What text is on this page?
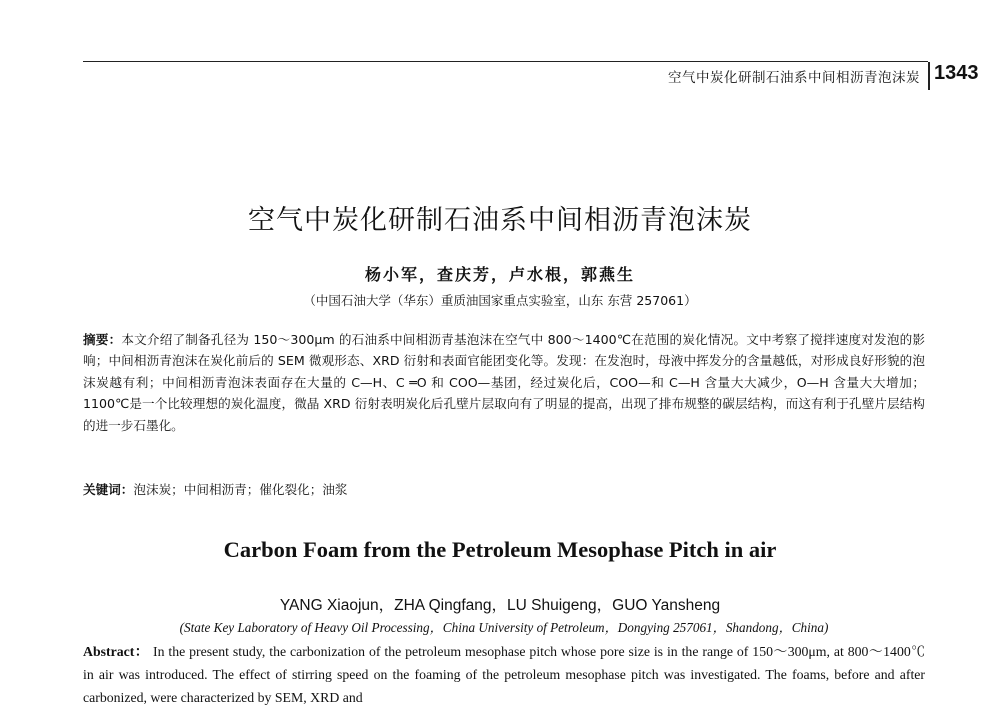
空气中炭化研制石油系中间相沥青泡沫炭 1343
空气中炭化研制石油系中间相沥青泡沫炭
杨小军，查庆芳，卢水根，郭燕生
（中国石油大学（华东）重质油国家重点实验室，山东 东营 257061）

摘要：本文介绍了制备孔径为 150～300μm 的石油系中间相沥青基泡沫在空气中 800～1400℃在范围的炭化情况。文中考察了搅拌速度对发泡的影响；中间相沥青泡沫在炭化前后的 SEM 微观形态、XRD 衍射和表面官能团变化等。发现：在发泡时，母液中挥发分的含量越低，对形成良好形貌的泡沫炭越有利；中间相沥青泡沫表面存在大量的 C—H、C ═O 和 COO—基团，经过炭化后，COO—和 C—H 含量大大减少，O—H 含量大大增加；1100℃是一个比较理想的炭化温度，微晶 XRD 衍射表明炭化后孔壁片层取向有了明显的提高，出现了排布规整的碳层结构，而这有利于孔壁片层结构的进一步石墨化。

关键词：泡沫炭；中间相沥青；催化裂化；油浆

Carbon Foam from the Petroleum Mesophase Pitch in air
YANG Xiaojun，ZHA Qingfang，LU Shuigeng，GUO Yansheng
(State Key Laboratory of Heavy Oil Processing，China University of Petroleum，Dongying 257061，Shandong，China)

Abstract： In the present study, the carbonization of the petroleum mesophase pitch whose pore size is in the range of 150～300μm, at 800～1400℃ in air was introduced. The effect of stirring speed on the foaming of the petroleum mesophase pitch was investigated. The foams, before and after carbonized, were characterized by SEM, XRD and
